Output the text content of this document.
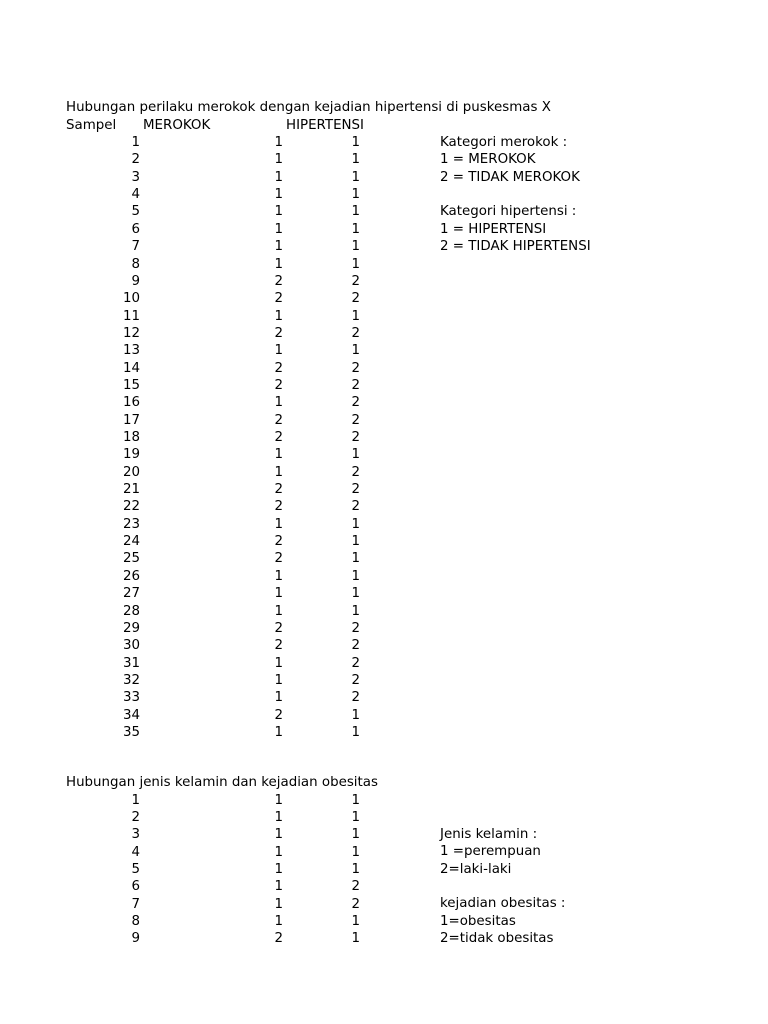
Hubungan perilaku merokok dengan kejadian hipertensi di puskesmas X
Sampel MEROKOK	HIPERTENSI
Hubungan jenis kelamin dan kejadian obesitas
1	1	1
2	1	1
3	1	1
4	1	1
5	1	1
6	1	1
7	1	1
8	1	1
9	2	2
10	2	2
11	1	1
12	2	2
13	1	1
14	2	2
15	2	2
16	1	2
17	2	2
18	2	2
19	1	1
20	1	2
21	2	2
22	2	2
23	1	1
24	2	1
25	2	1
26	1	1
27	1	1
28	1	1
29	2	2
30	2	2
31	1	2
32	1	2
33	1	2
34	2	1
35	1	1
Kategori merokok :
1 = MEROKOK
2 = TIDAK MEROKOK
Kategori hipertensi :
1 = HIPERTENSI
2 = TIDAK HIPERTENSI
1	1	1
2	1	1
3	1	1
4	1	1
5	1	1
6	1	2
7	1	2
8	1	1
9	2	1
Jenis kelamin :
1 =perempuan
2=laki-laki
kejadian obesitas :
1=obesitas
2=tidak obesitas
